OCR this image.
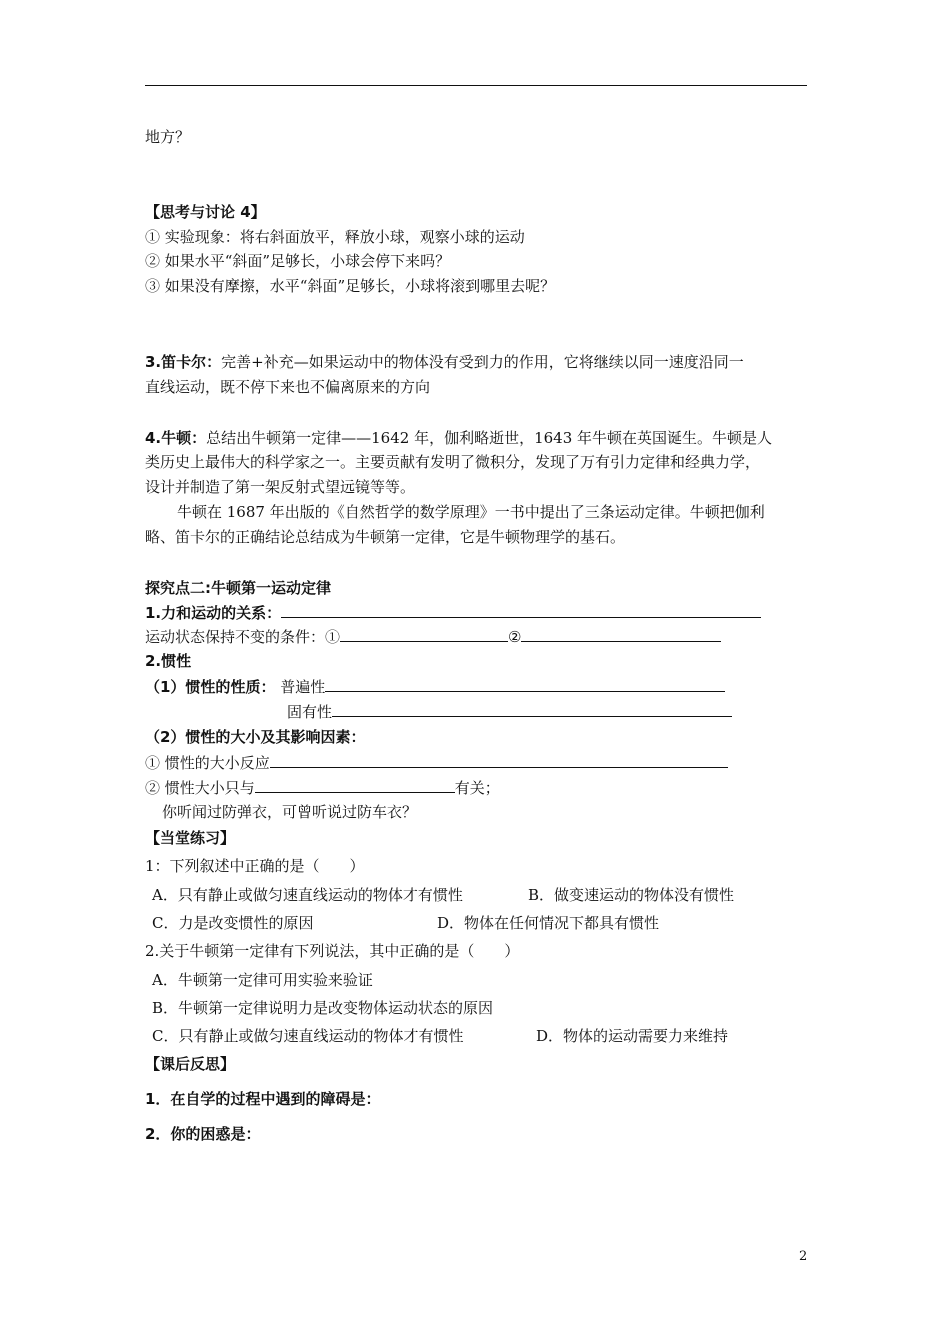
地方？
【思考与讨论 4】
① 实验现象：将右斜面放平，释放小球，观察小球的运动
② 如果水平“斜面”足够长，小球会停下来吗？
③ 如果没有摩擦，水平“斜面”足够长，小球将滚到哪里去呢？
3.笛卡尔：完善+补充—如果运动中的物体没有受到力的作用，它将继续以同一速度沿同一
直线运动，既不停下来也不偏离原来的方向
4.牛顿：总结出牛顿第一定律——1642 年，伽利略逝世，1643 年牛顿在英国诞生。牛顿是人
类历史上最伟大的科学家之一。主要贡献有发明了微积分，发现了万有引力定律和经典力学，
设计并制造了第一架反射式望远镜等等。
牛顿在 1687 年出版的《自然哲学的数学原理》一书中提出了三条运动定律。牛顿把伽利
略、笛卡尔的正确结论总结成为牛顿第一定律，它是牛顿物理学的基石。
探究点二:牛顿第一运动定律
1.力和运动的关系：
运动状态保持不变的条件：①	②
2.惯性
（1）惯性的性质： 普遍性
固有性
（2）惯性的大小及其影响因素：
① 惯性的大小反应
② 惯性大小只与	有关；
你听闻过防弹衣，可曾听说过防车衣？
【当堂练习】
1：下列叙述中正确的是（　　）
A．只有静止或做匀速直线运动的物体才有惯性	B．做变速运动的物体没有惯性
C．力是改变惯性的原因	D．物体在任何情况下都具有惯性
2.关于牛顿第一定律有下列说法，其中正确的是（　　）
A．牛顿第一定律可用实验来验证
B．牛顿第一定律说明力是改变物体运动状态的原因
C．只有静止或做匀速直线运动的物体才有惯性	D．物体的运动需要力来维持
【课后反思】
1．在自学的过程中遇到的障碍是：
2．你的困惑是：
2
